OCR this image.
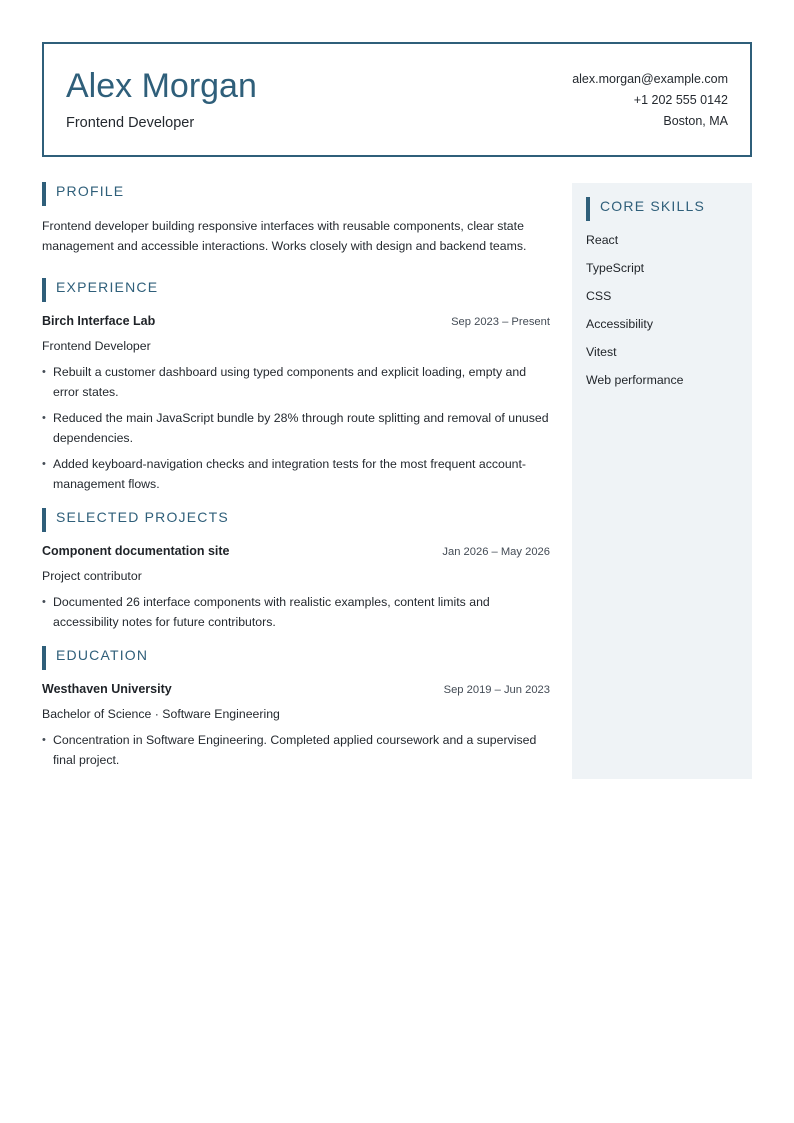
Alex Morgan
Frontend Developer
alex.morgan@example.com
+1 202 555 0142
Boston, MA
PROFILE

Frontend developer building responsive interfaces with reusable components, clear state management and accessible interactions. Works closely with design and backend teams.

EXPERIENCE
Birch Interface Lab	Sep 2023 – Present
Frontend Developer
• Rebuilt a customer dashboard using typed components and explicit loading, empty and error states.
• Reduced the main JavaScript bundle by 28% through route splitting and removal of unused dependencies.
• Added keyboard-navigation checks and integration tests for the most frequent account-management flows.
SELECTED PROJECTS
Component documentation site	Jan 2026 – May 2026
Project contributor
• Documented 26 interface components with realistic examples, content limits and accessibility notes for future contributors.
EDUCATION
Westhaven University	Sep 2019 – Jun 2023
Bachelor of Science · Software Engineering
• Concentration in Software Engineering. Completed applied coursework and a supervised final project.
CORE SKILLS
React
TypeScript
CSS
Accessibility
Vitest
Web performance
